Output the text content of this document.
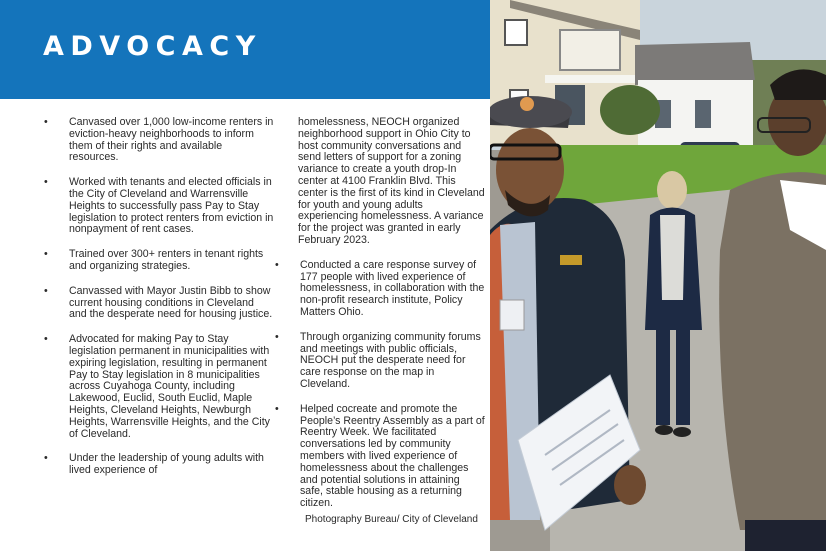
ADVOCACY
• Canvased over 1,000 low-income renters in eviction-heavy neighborhoods to inform them of their rights and available resources.
• Worked with tenants and elected officials in the City of Cleveland and Warrensville Heights to successfully pass Pay to Stay legislation to protect renters from eviction in nonpayment of rent cases.
• Trained over 300+ renters in tenant rights and organizing strategies.
• Canvassed with Mayor Justin Bibb to show current housing conditions in Cleveland and the desperate need for housing justice.
• Advocated for making Pay to Stay legislation permanent in municipalities with expiring legislation, resulting in permanent Pay to Stay legislation in 8 municipalities across Cuyahoga County, including Lakewood, Euclid, South Euclid, Maple Heights, Cleveland Heights, Newburgh Heights, Warrensville Heights, and the City of Cleveland.
• Under the leadership of young adults with lived experience of
homelessness, NEOCH organized neighborhood support in Ohio City to host community conversations and send letters of support for a zoning variance to create a youth drop-In center at 4100 Franklin Blvd. This center is the first of its kind in Cleveland for youth and young adults experiencing homelessness. A variance for the project was granted in early February 2023.
• Conducted a care response survey of 177 people with lived experience of homelessness, in collaboration with the non-profit research institute, Policy Matters Ohio.
• Through organizing community forums and meetings with public officials, NEOCH put the desperate need for care response on the map in Cleveland.
• Helped cocreate and promote the People’s Reentry Assembly as a part of Reentry Week. We facilitated conversations led by community members with lived experience of homelessness about the challenges and potential solutions in attaining safe, stable housing as a returning citizen.
Photography Bureau/ City of Cleveland
